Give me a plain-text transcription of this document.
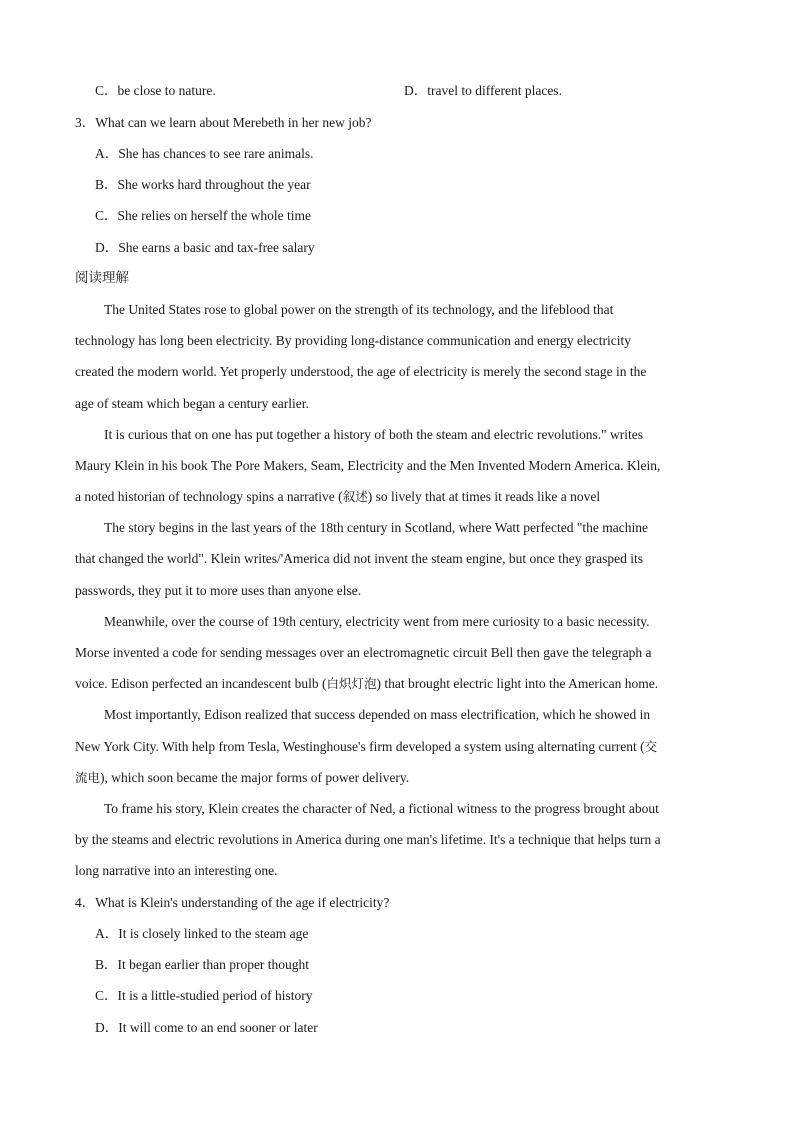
C．be close to nature.	D．travel to different places.
3．What can we learn about Merebeth in her new job?
A．She has chances to see rare animals.
B．She works hard throughout the year
C．She relies on herself the whole time
D．She earns a basic and tax-free salary
阅读理解
The United States rose to global power on the strength of its technology, and the lifeblood that
technology has long been electricity. By providing long-distance communication and energy electricity
created the modern world. Yet properly understood, the age of electricity is merely the second stage in the
age of steam which began a century earlier.
It is curious that on one has put together a history of both the steam and electric revolutions." writes
Maury Klein in his book The Pore Makers, Seam, Electricity and the Men Invented Modern America. Klein,
a noted historian of technology spins a narrative (叙述) so lively that at times it reads like a novel
The story begins in the last years of the 18th century in Scotland, where Watt perfected "the machine
that changed the world". Klein writes/'America did not invent the steam engine, but once they grasped its
passwords, they put it to more uses than anyone else.
Meanwhile, over the course of 19th century, electricity went from mere curiosity to a basic necessity.
Morse invented a code for sending messages over an electromagnetic circuit Bell then gave the telegraph a
voice. Edison perfected an incandescent bulb (白炽灯泡) that brought electric light into the American home.
Most importantly, Edison realized that success depended on mass electrification, which he showed in
New York City. With help from Tesla, Westinghouse's firm developed a system using alternating current (交
流电), which soon became the major forms of power delivery.
To frame his story, Klein creates the character of Ned, a fictional witness to the progress brought about
by the steams and electric revolutions in America during one man's lifetime. It's a technique that helps turn a
long narrative into an interesting one.
4．What is Klein's understanding of the age if electricity?
A．It is closely linked to the steam age
B．It began earlier than proper thought
C．It is a little-studied period of history
D．It will come to an end sooner or later
